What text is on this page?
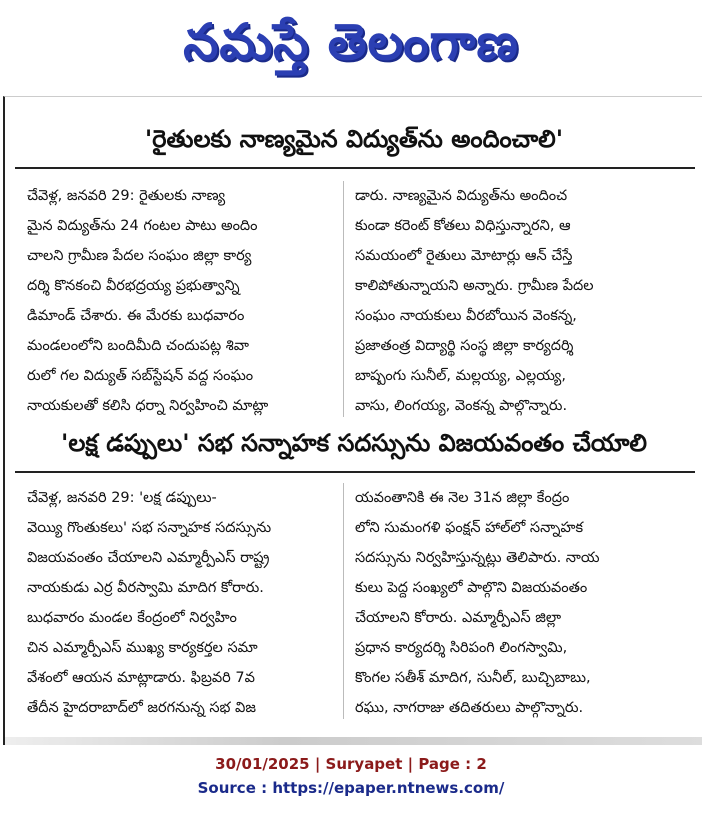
నమస్తే తెలంగాణ
'రైతులకు నాణ్యమైన విద్యుత్‌ను అందించాలి'
చేవెళ్ల, జనవరి 29: రైతులకు నాణ్య
మైన విద్యుత్‌ను 24 గంటల పాటు అందిం
చాలని గ్రామీణ పేదల సంఘం జిల్లా కార్య
దర్శి కొనకంచి వీరభద్రయ్య ప్రభుత్వాన్ని
డిమాండ్ చేశారు. ఈ మేరకు బుధవారం
మండలంలోని బందిమీది చందుపట్ల శివా
రులో గల విద్యుత్ సబ్‌స్టేషన్ వద్ద సంఘం
నాయకులతో కలిసి ధర్నా నిర్వహించి మాట్లా
డారు. నాణ్యమైన విద్యుత్‌ను అందించ
కుండా కరెంట్ కోతలు విధిస్తున్నారని, ఆ
సమయంలో రైతులు మోటార్లు ఆన్ చేస్తే
కాలిపోతున్నాయని అన్నారు. గ్రామీణ పేదల
సంఘం నాయకులు వీరబోయిన వెంకన్న,
ప్రజాతంత్ర విద్యార్థి సంస్థ జిల్లా కార్యదర్శి
బాష్పంగు సునీల్, మల్లయ్య, ఎల్లయ్య,
వాసు, లింగయ్య, వెంకన్న పాల్గొన్నారు.
'లక్ష డప్పులు' సభ సన్నాహక సదస్సును విజయవంతం చేయాలి
చేవెళ్ల, జనవరి 29: 'లక్ష డప్పులు-
వెయ్యి గొంతుకలు' సభ సన్నాహక సదస్సును
విజయవంతం చేయాలని ఎమ్మార్పీఎస్ రాష్ట్ర
నాయకుడు ఎర్ర వీరస్వామి మాదిగ కోరారు.
బుధవారం మండల కేంద్రంలో నిర్వహిం
చిన ఎమ్మార్పీఎస్ ముఖ్య కార్యకర్తల సమా
వేశంలో ఆయన మాట్లాడారు. ఫిబ్రవరి 7వ
తేదీన హైదరాబాద్‌లో జరగనున్న సభ విజ
యవంతానికి ఈ నెల 31న జిల్లా కేంద్రం
లోని సుమంగళి ఫంక్షన్ హాల్‌లో సన్నాహక
సదస్సును నిర్వహిస్తున్నట్లు తెలిపారు. నాయ
కులు పెద్ద సంఖ్యలో పాల్గొని విజయవంతం
చేయాలని కోరారు. ఎమ్మార్పీఎస్ జిల్లా
ప్రధాన కార్యదర్శి సిరిపంగి లింగస్వామి,
కొంగల సతీశ్ మాదిగ, సునీల్, బుచ్చిబాబు,
రఘు, నాగరాజు తదితరులు పాల్గొన్నారు.
30/01/2025 | Suryapet | Page : 2
Source : https://epaper.ntnews.com/
